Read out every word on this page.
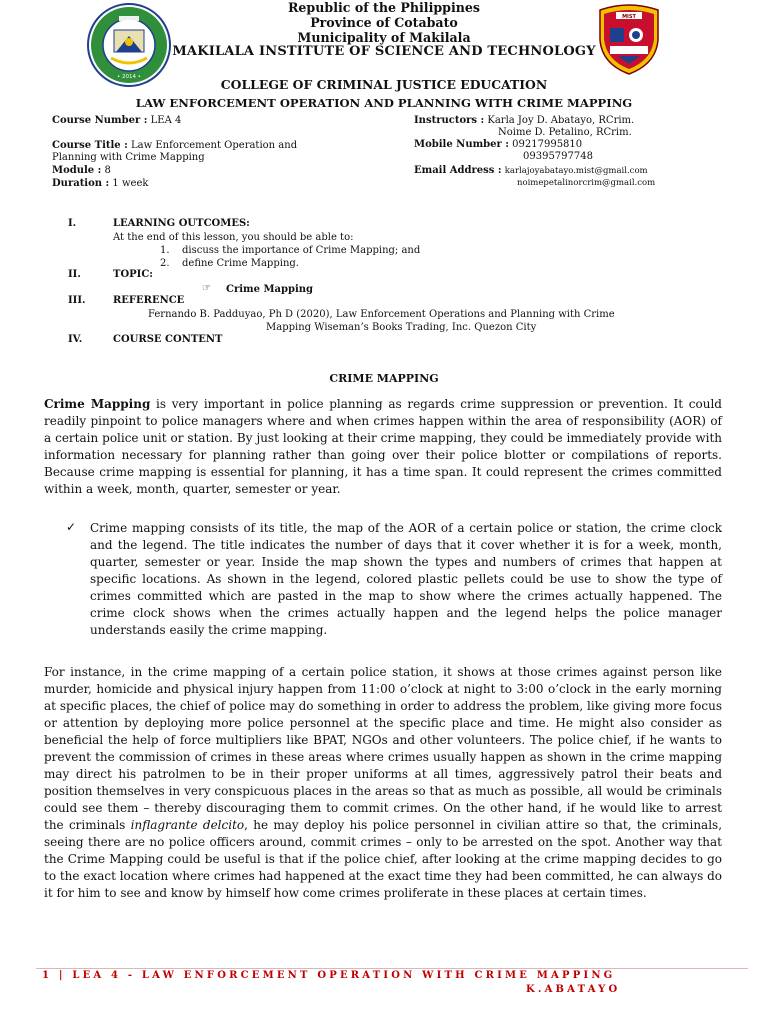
• 2014 •
MIST
Republic of the Philippines
Province of Cotabato
Municipality of Makilala
MAKILALA INSTITUTE OF SCIENCE AND TECHNOLOGY
COLLEGE OF CRIMINAL JUSTICE EDUCATION
LAW ENFORCEMENT OPERATION AND PLANNING WITH CRIME MAPPING
Course Number : LEA 4
Course Title : Law Enforcement Operation and
Planning with Crime Mapping
Module : 8
Duration : 1 week
Instructors : Karla Joy D. Abatayo, RCrim.
Noime D. Petalino, RCrim.
Mobile Number : 09217995810
09395797748
Email Address : karlajoyabatayo.mist@gmail.com
noimepetalinorcrim@gmail.com
I.	LEARNING OUTCOMES:
At the end of this lesson, you should be able to:
1. discuss the importance of Crime Mapping; and
2. define Crime Mapping.
II.	TOPIC:
☞ Crime Mapping
III.	REFERENCE
Fernando B. Padduyao, Ph D (2020), Law Enforcement Operations and Planning with Crime
Mapping Wiseman’s Books Trading, Inc. Quezon City
IV.	COURSE CONTENT
CRIME MAPPING
Crime Mapping is very important in police planning as regards crime suppression or prevention. It could readily pinpoint to police managers where and when crimes happen within the area of responsibility (AOR) of a certain police unit or station. By just looking at their crime mapping, they could be immediately provide with information necessary for planning rather than going over their police blotter or compilations of reports. Because crime mapping is essential for planning, it has a time span. It could represent the crimes committed within a week, month, quarter, semester or year.
✓ Crime mapping consists of its title, the map of the AOR of a certain police or station, the crime clock and the legend. The title indicates the number of days that it cover whether it is for a week, month, quarter, semester or year. Inside the map shown the types and numbers of crimes that happen at specific locations. As shown in the legend, colored plastic pellets could be use to show the type of crimes committed which are pasted in the map to show where the crimes actually happened. The crime clock shows when the crimes actually happen and the legend helps the police manager understands easily the crime mapping.
For instance, in the crime mapping of a certain police station, it shows at those crimes against person like murder, homicide and physical injury happen from 11:00 o’clock at night to 3:00 o’clock in the early morning at specific places, the chief of police may do something in order to address the problem, like giving more focus or attention by deploying more police personnel at the specific place and time. He might also consider as beneficial the help of force multipliers like BPAT, NGOs and other volunteers. The police chief, if he wants to prevent the commission of crimes in these areas where crimes usually happen as shown in the crime mapping may direct his patrolmen to be in their proper uniforms at all times, aggressively patrol their beats and position themselves in very conspicuous places in the areas so that as much as possible, all would be criminals could see them – thereby discouraging them to commit crimes. On the other hand, if he would like to arrest the criminals inflagrante delcito, he may deploy his police personnel in civilian attire so that, the criminals, seeing there are no police officers around, commit crimes – only to be arrested on the spot. Another way that the Crime Mapping could be useful is that if the police chief, after looking at the crime mapping decides to go to the exact location where crimes had happened at the exact time they had been committed, he can always do it for him to see and know by himself how come crimes proliferate in these places at certain times.
1 | LEA 4 - LAW ENFORCEMENT OPERATION WITH CRIME MAPPING
K.ABATAYO
